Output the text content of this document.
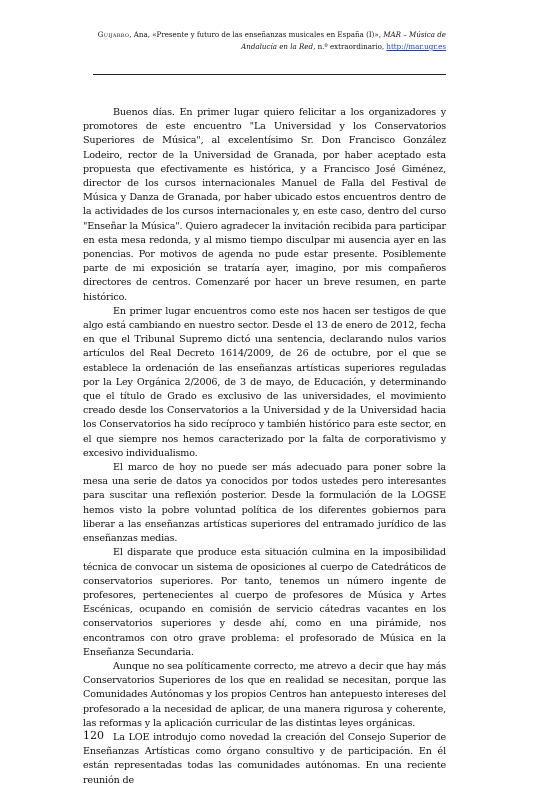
Guijarro, Ana, «Presente y futuro de las enseñanzas musicales en España (I)», MAR – Música de Andalucía en la Red, n.º extraordinario, http://mar.ugr.es

Buenos días. En primer lugar quiero felicitar a los organizadores y promotores de este encuentro "La Universidad y los Conservatorios Superiores de Música", al excelentísimo Sr. Don Francisco González Lodeiro, rector de la Universidad de Granada, por haber aceptado esta propuesta que efectivamente es histórica, y a Francisco José Giménez, director de los cursos internacionales Manuel de Falla del Festival de Música y Danza de Granada, por haber ubicado estos encuentros dentro de la actividades de los cursos internacionales y, en este caso, dentro del curso "Enseñar la Música". Quiero agradecer la invitación recibida para participar en esta mesa redonda, y al mismo tiempo disculpar mi ausencia ayer en las ponencias. Por motivos de agenda no pude estar presente. Posiblemente parte de mi exposición se trataría ayer, imagino, por mis compañeros directores de centros. Comenzaré por hacer un breve resumen, en parte histórico.

En primer lugar encuentros como este nos hacen ser testigos de que algo está cambiando en nuestro sector. Desde el 13 de enero de 2012, fecha en que el Tribunal Supremo dictó una sentencia, declarando nulos varios artículos del Real Decreto 1614/2009, de 26 de octubre, por el que se establece la ordenación de las enseñanzas artísticas superiores reguladas por la Ley Orgánica 2/2006, de 3 de mayo, de Educación, y determinando que el título de Grado es exclusivo de las universidades, el movimiento creado desde los Conservatorios a la Universidad y de la Universidad hacia los Conservatorios ha sido recíproco y también histórico para este sector, en el que siempre nos hemos caracterizado por la falta de corporativismo y excesivo individualismo.

El marco de hoy no puede ser más adecuado para poner sobre la mesa una serie de datos ya conocidos por todos ustedes pero interesantes para suscitar una reflexión posterior. Desde la formulación de la LOGSE hemos visto la pobre voluntad política de los diferentes gobiernos para liberar a las enseñanzas artísticas superiores del entramado jurídico de las enseñanzas medias.

El disparate que produce esta situación culmina en la imposibilidad técnica de convocar un sistema de oposiciones al cuerpo de Catedráticos de conservatorios superiores. Por tanto, tenemos un número ingente de profesores, pertenecientes al cuerpo de profesores de Música y Artes Escénicas, ocupando en comisión de servicio cátedras vacantes en los conservatorios superiores y desde ahí, como en una pirámide, nos encontramos con otro grave problema: el profesorado de Música en la Enseñanza Secundaria.

Aunque no sea políticamente correcto, me atrevo a decir que hay más Conservatorios Superiores de los que en realidad se necesitan, porque las Comunidades Autónomas y los propios Centros han antepuesto intereses del profesorado a la necesidad de aplicar, de una manera rigurosa y coherente, las reformas y la aplicación curricular de las distintas leyes orgánicas.

La LOE introdujo como novedad la creación del Consejo Superior de Enseñanzas Artísticas como órgano consultivo y de participación. En él están representadas todas las comunidades autónomas. En una reciente reunión de

120
